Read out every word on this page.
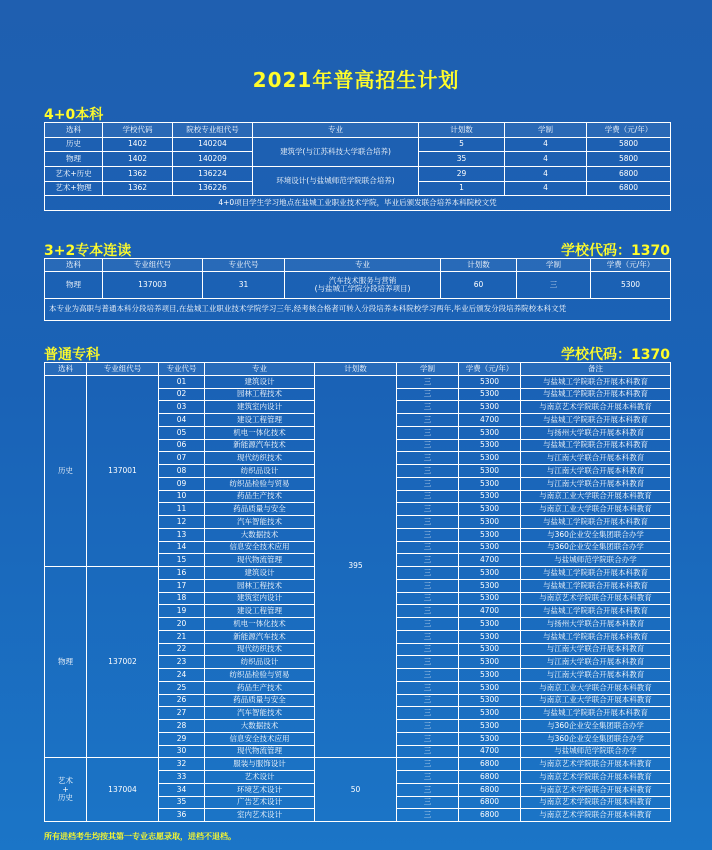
2021年普高招生计划
4+0本科
选科	学校代码	院校专业组代号	专业	计划数	学制	学费（元/年）
历史	1402	140204	建筑学(与江苏科技大学联合培养)	5	4	5800
物理	1402	140209		35	4	5800
艺术+历史	1362	136224	环境设计(与盐城师范学院联合培养)	29	4	6800
艺术+物理	1362	136226		1	4	6800
4+0项目学生学习地点在盐城工业职业技术学院，毕业后颁发联合培养本科院校文凭						
3+2专本连读	学校代码：1370
选科	专业组代号	专业代号	专业	计划数	学制	学费（元/年）
物理	137003	31	汽车技术服务与营销
(与盐城工学院分段培养项目)	60	三	5300
本专业为高职与普通本科分段培养项目,在盐城工业职业技术学院学习三年,经考核合格者可转入分段培养本科院校学习两年,毕业后颁发分段培养院校本科文凭						
普通专科	学校代码：1370
选科	专业组代号	专业代号	专业	计划数	学制	学费（元/年）	备注
历史	137001	01	建筑设计	395	三	5300	与盐城工学院联合开展本科教育
		02	园林工程技术		三	5300	与盐城工学院联合开展本科教育
		03	建筑室内设计		三	5300	与南京艺术学院联合开展本科教育
		04	建设工程管理		三	4700	与盐城工学院联合开展本科教育
		05	机电一体化技术		三	5300	与扬州大学联合开展本科教育
		06	新能源汽车技术		三	5300	与盐城工学院联合开展本科教育
		07	现代纺织技术		三	5300	与江南大学联合开展本科教育
		08	纺织品设计		三	5300	与江南大学联合开展本科教育
		09	纺织品检验与贸易		三	5300	与江南大学联合开展本科教育
		10	药品生产技术		三	5300	与南京工业大学联合开展本科教育
		11	药品质量与安全		三	5300	与南京工业大学联合开展本科教育
		12	汽车智能技术		三	5300	与盐城工学院联合开展本科教育
		13	大数据技术		三	5300	与360企业安全集团联合办学
		14	信息安全技术应用		三	5300	与360企业安全集团联合办学
		15	现代物流管理		三	4700	与盐城师范学院联合办学
物理	137002	16	建筑设计		三	5300	与盐城工学院联合开展本科教育
		17	园林工程技术		三	5300	与盐城工学院联合开展本科教育
		18	建筑室内设计		三	5300	与南京艺术学院联合开展本科教育
		19	建设工程管理		三	4700	与盐城工学院联合开展本科教育
		20	机电一体化技术		三	5300	与扬州大学联合开展本科教育
		21	新能源汽车技术		三	5300	与盐城工学院联合开展本科教育
		22	现代纺织技术		三	5300	与江南大学联合开展本科教育
		23	纺织品设计		三	5300	与江南大学联合开展本科教育
		24	纺织品检验与贸易		三	5300	与江南大学联合开展本科教育
		25	药品生产技术		三	5300	与南京工业大学联合开展本科教育
		26	药品质量与安全		三	5300	与南京工业大学联合开展本科教育
		27	汽车智能技术		三	5300	与盐城工学院联合开展本科教育
		28	大数据技术		三	5300	与360企业安全集团联合办学
		29	信息安全技术应用		三	5300	与360企业安全集团联合办学
		30	现代物流管理		三	4700	与盐城师范学院联合办学

艺术
+
历史	137004	32	服装与服饰设计	50	三	6800	与南京艺术学院联合开展本科教育
		33	艺术设计		三	6800	与南京艺术学院联合开展本科教育
		34	环境艺术设计		三	6800	与南京艺术学院联合开展本科教育
		35	广告艺术设计		三	6800	与南京艺术学院联合开展本科教育
		36	室内艺术设计		三	6800	与南京艺术学院联合开展本科教育
所有进档考生均按其第一专业志愿录取，进档不退档。
